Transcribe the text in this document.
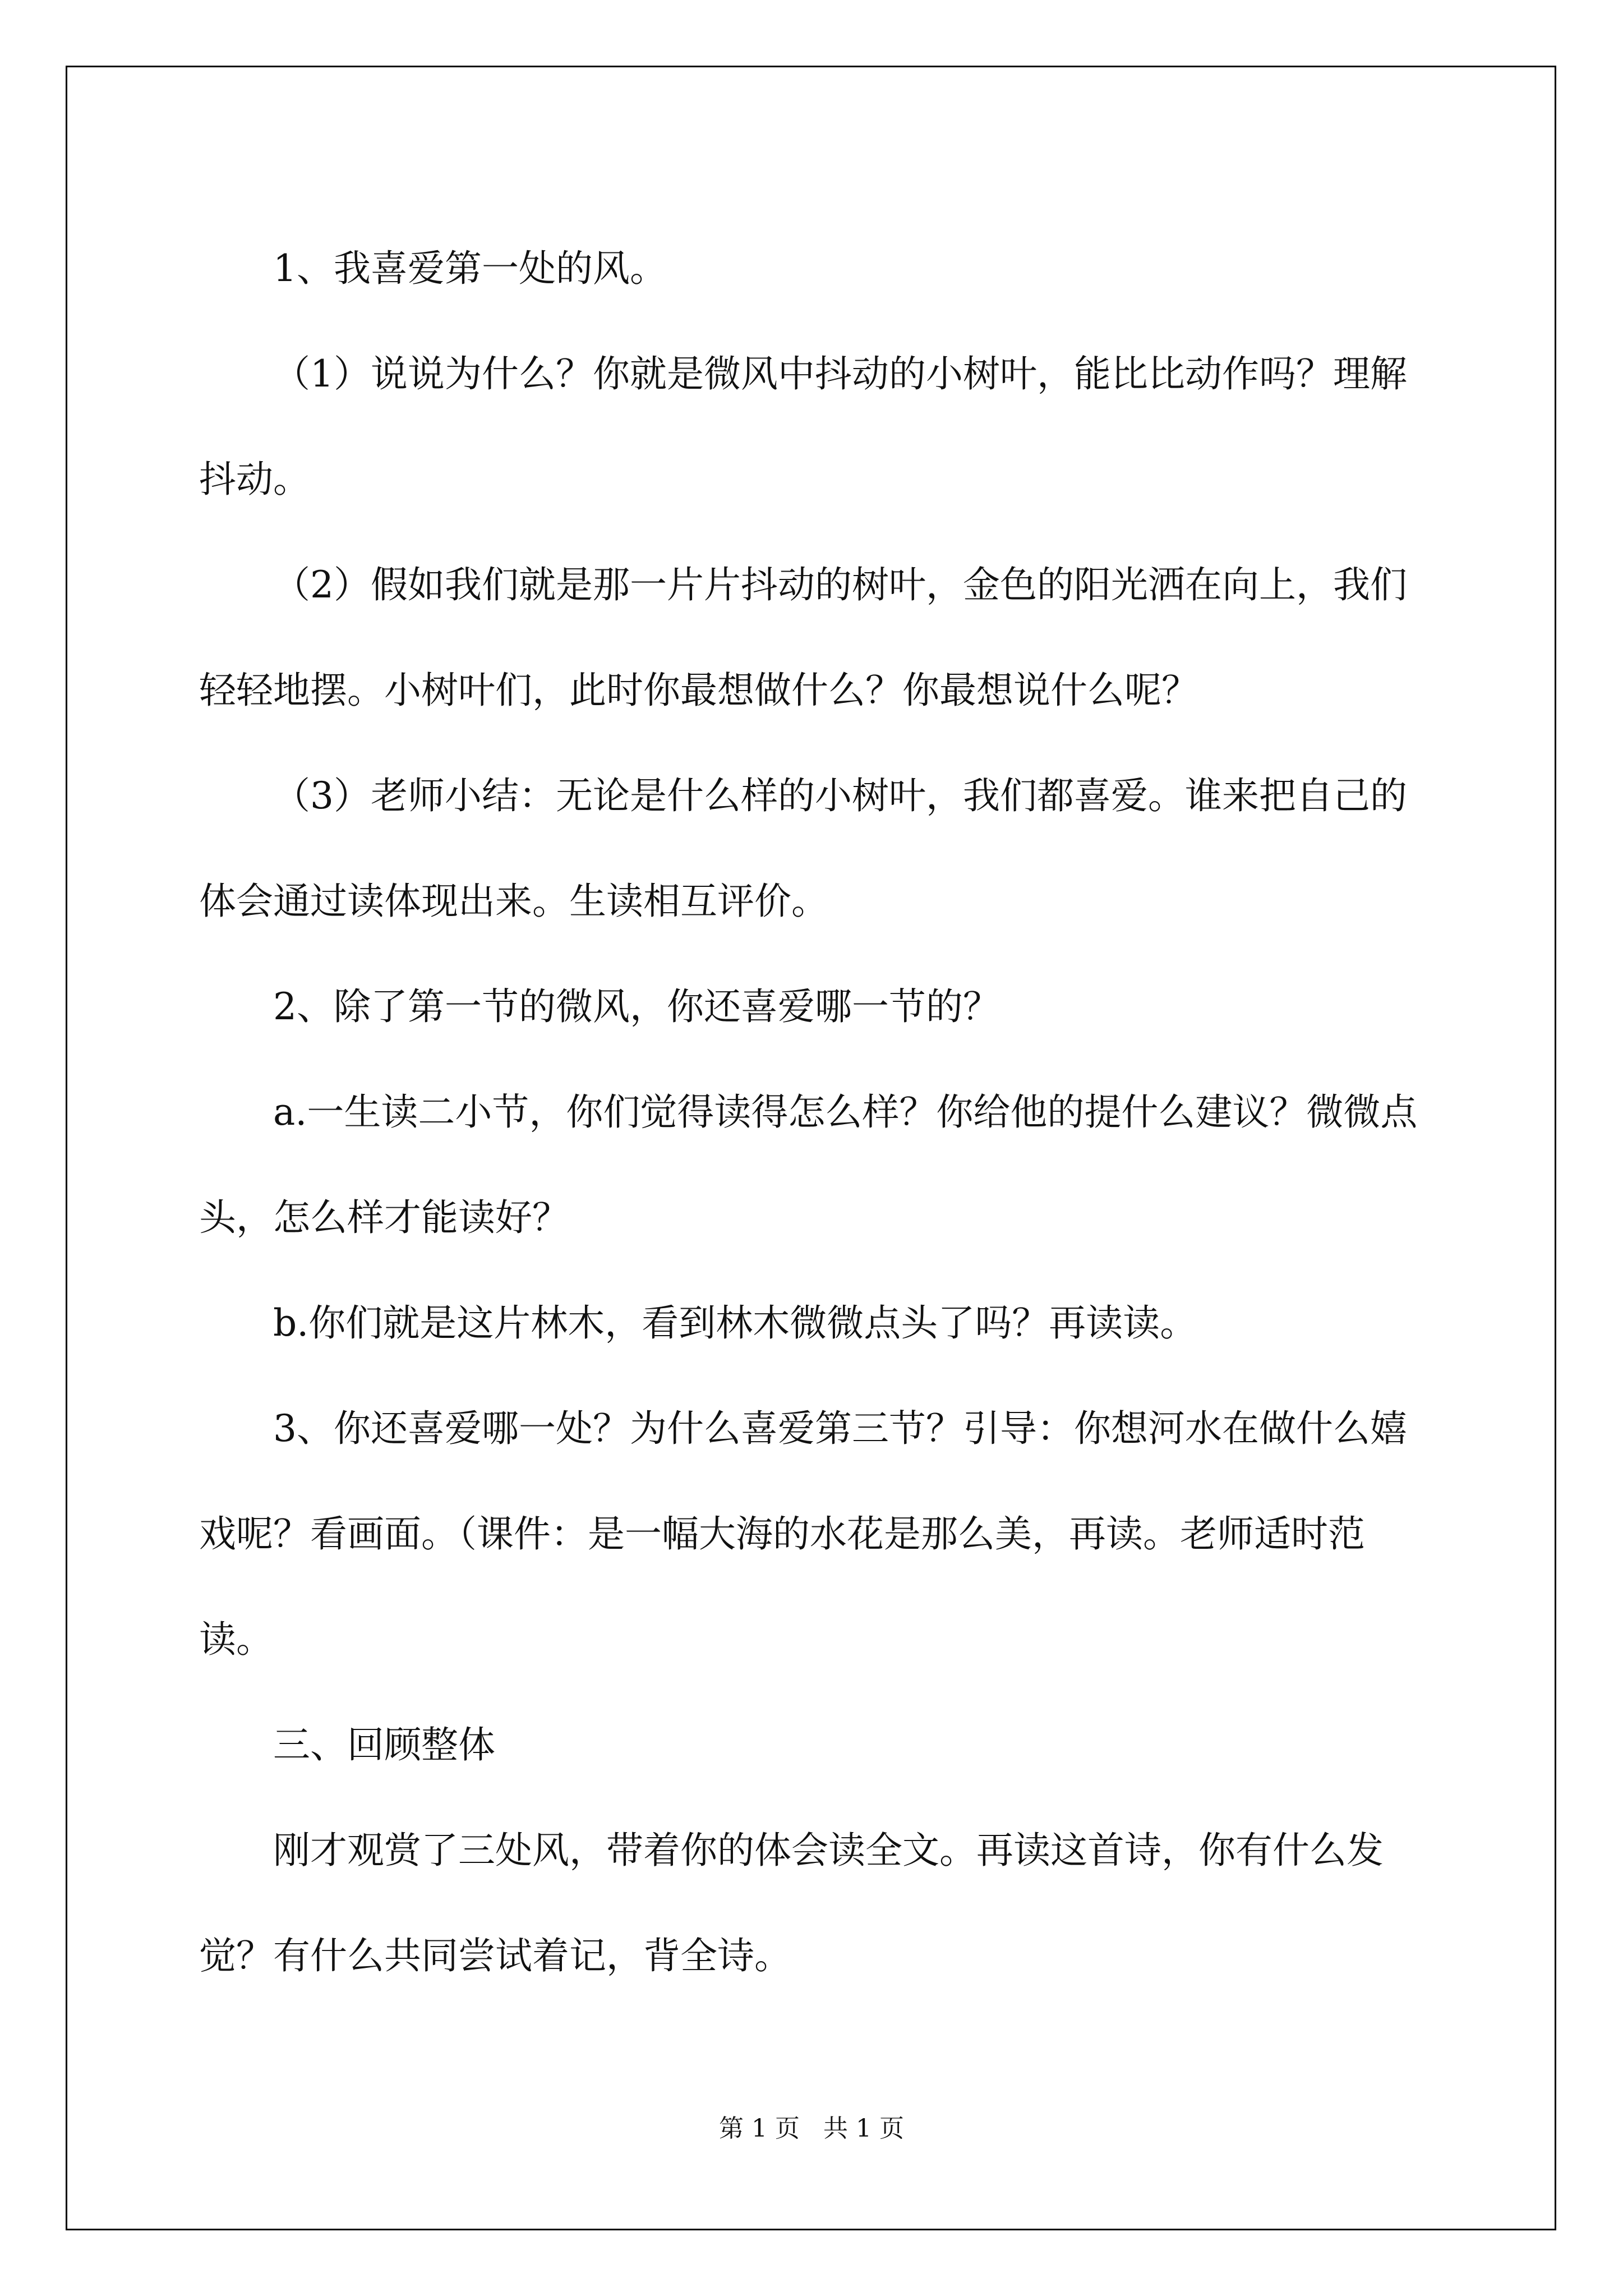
1、我喜爱第一处的风。

（1）说说为什么？你就是微风中抖动的小树叶，能比比动作吗？理解抖动。

（2）假如我们就是那一片片抖动的树叶，金色的阳光洒在向上，我们轻轻地摆。小树叶们，此时你最想做什么？你最想说什么呢？

（3）老师小结：无论是什么样的小树叶，我们都喜爱。谁来把自己的体会通过读体现出来。生读相互评价。

2、除了第一节的微风，你还喜爱哪一节的？

a.一生读二小节，你们觉得读得怎么样？你给他的提什么建议？微微点头，怎么样才能读好？

b.你们就是这片林木，看到林木微微点头了吗？再读读。

3、你还喜爱哪一处？为什么喜爱第三节？引导：你想河水在做什么嬉戏呢？看画面。（课件：是一幅大海的水花是那么美，再读。老师适时范读。

三、回顾整体

刚才观赏了三处风，带着你的体会读全文。再读这首诗，你有什么发觉？有什么共同尝试着记，背全诗。

第 1 页 共 1 页
